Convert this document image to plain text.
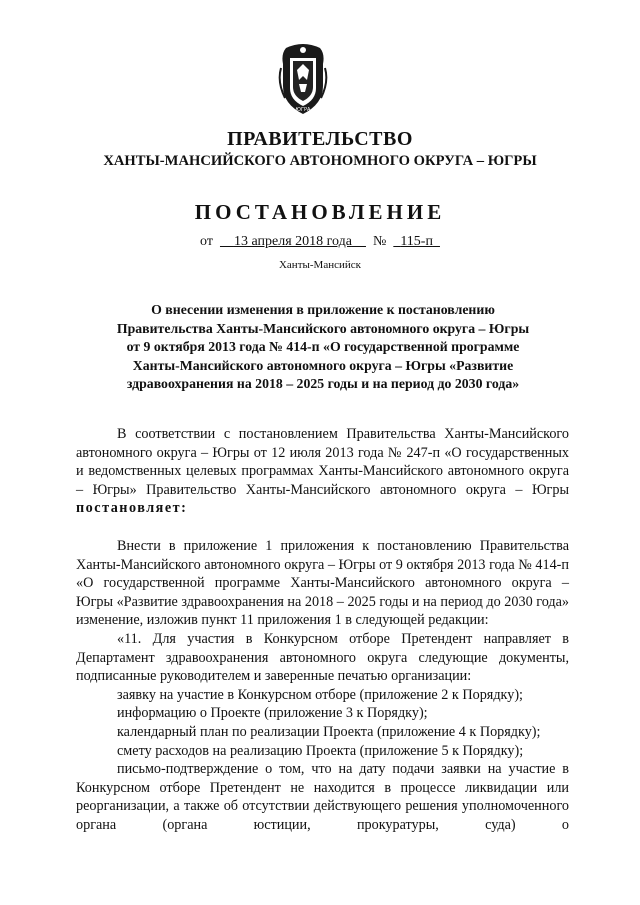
ЮГРА
ПРАВИТЕЛЬСТВО
ХАНТЫ-МАНСИЙСКОГО АВТОНОМНОГО ОКРУГА – ЮГРЫ
ПОСТАНОВЛЕНИЕ
от 13 апреля 2018 года № 115-п
Ханты-Мансийск
О внесении изменения в приложение к постановлению
Правительства Ханты-Мансийского автономного округа – Югры
от 9 октября 2013 года № 414-п «О государственной программе
Ханты-Мансийского автономного округа – Югры «Развитие
здравоохранения на 2018 – 2025 годы и на период до 2030 года»

В соответствии с постановлением Правительства Ханты-Мансийского автономного округа – Югры от 12 июля 2013 года № 247-п «О государственных и ведомственных целевых программах Ханты-Мансийского автономного округа – Югры» Правительство Ханты-Мансийского автономного округа – Югры постановляет:

Внести в приложение 1 приложения к постановлению Правительства Ханты-Мансийского автономного округа – Югры от 9 октября 2013 года № 414-п «О государственной программе Ханты-Мансийского автономного округа – Югры «Развитие здравоохранения на 2018 – 2025 годы и на период до 2030 года» изменение, изложив пункт 11 приложения 1 в следующей редакции:

«11. Для участия в Конкурсном отборе Претендент направляет в Департамент здравоохранения автономного округа следующие документы, подписанные руководителем и заверенные печатью организации:

заявку на участие в Конкурсном отборе (приложение 2 к Порядку);

информацию о Проекте (приложение 3 к Порядку);

календарный план по реализации Проекта (приложение 4 к Порядку);

смету расходов на реализацию Проекта (приложение 5 к Порядку);

письмо-подтверждение о том, что на дату подачи заявки на участие в Конкурсном отборе Претендент не находится в процессе ликвидации или реорганизации, а также об отсутствии действующего решения уполномоченного органа (органа юстиции, прокуратуры, суда) о
